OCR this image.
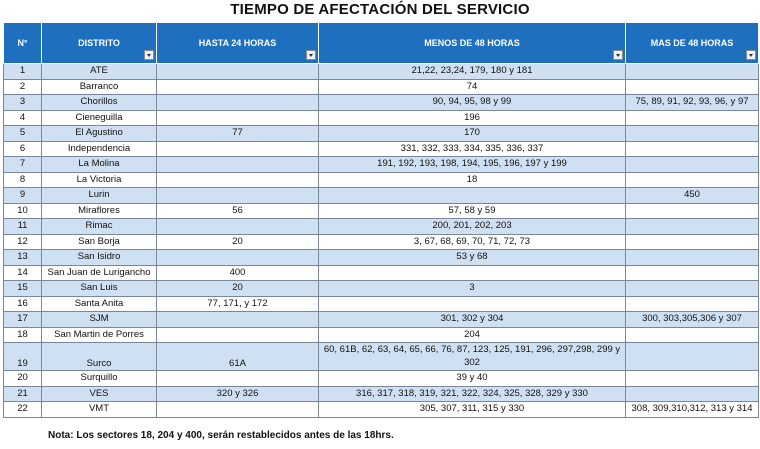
TIEMPO DE AFECTACIÓN DEL SERVICIO
N°	DISTRITO	HASTA 24 HORAS	MENOS DE 48 HORAS	MAS DE 48 HORAS

1	ATE		21,22, 23,24, 179, 180 y 181	
2	Barranco		74	
3	Chorillos		90, 94, 95, 98 y 99	75, 89, 91, 92, 93, 96, y 97
4	Cieneguilla		196	
5	El Agustino	77	170	
6	Independencia		331, 332, 333, 334, 335, 336, 337	
7	La Molina		191, 192, 193, 198, 194, 195, 196, 197 y 199	
8	La Victoria		18	
9	Lurin			450
10	Miraflores	56	57, 58 y 59	
11	Rimac		200, 201, 202, 203	
12	San Borja	20	3, 67, 68, 69, 70, 71, 72, 73	
13	San Isidro		53 y 68	
14	San Juan de Lurigancho	400		
15	San Luis	20	3	
16	Santa Anita	77, 171, y 172		
17	SJM		301, 302 y 304	300, 303,305,306 y 307
18	San Martin de Porres		204	
19	Surco	61A	60, 61B, 62, 63, 64, 65, 66, 76, 87, 123, 125, 191, 296, 297,298, 299 y 302	
20	Surquillo		39 y 40	
21	VES	320 y 326	316, 317, 318, 319, 321, 322, 324, 325, 328, 329 y 330	
22	VMT		305, 307, 311, 315 y 330	308, 309,310,312, 313 y 314
Nota: Los sectores 18, 204 y 400, serán restablecidos antes de las 18hrs.
